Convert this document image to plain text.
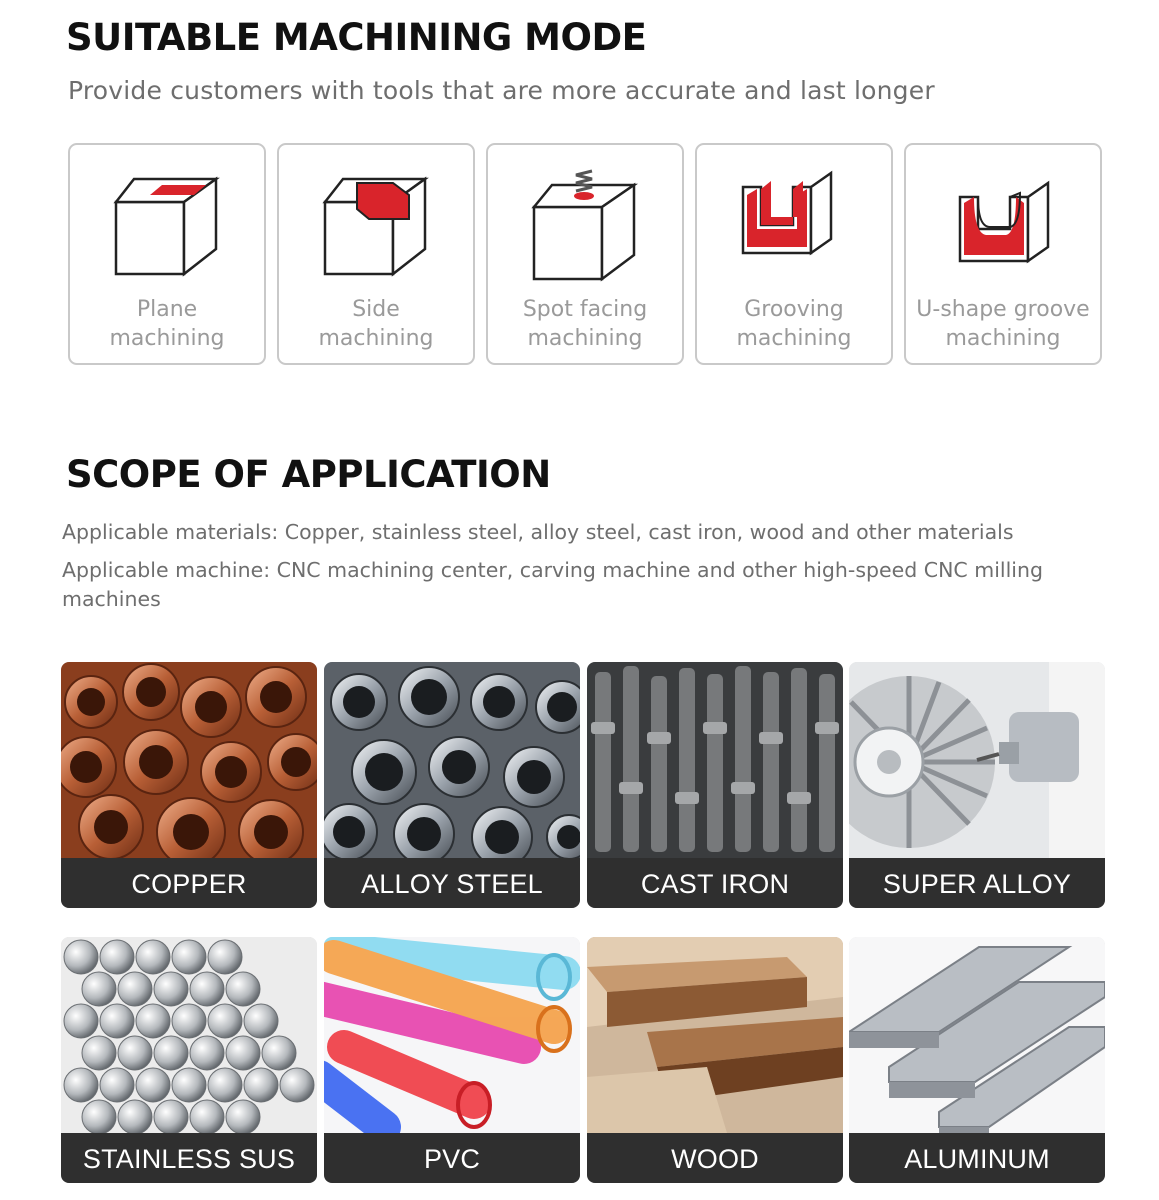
SUITABLE MACHINING MODE
Provide customers with tools that are more accurate and last longer
Plane
machining
Side
machining
Spot facing
machining
Grooving
machining
U-shape groove
machining
SCOPE OF APPLICATION
Applicable materials: Copper, stainless steel, alloy steel, cast iron, wood and other materials
Applicable machine: CNC machining center, carving machine and other high-speed CNC milling machines
COPPER	ALLOY STEEL	CAST IRON	SUPER ALLOY
STAINLESS SUS	PVC	WOOD	ALUMINUM
